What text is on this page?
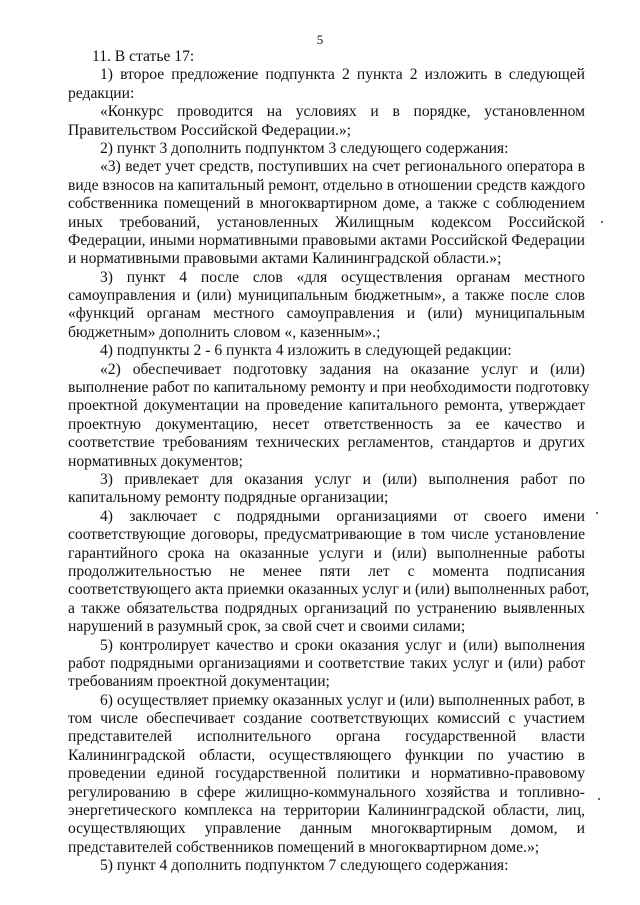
5
11. В статье 17:
1) второе предложение подпункта 2 пункта 2 изложить в следующей
редакции:
«Конкурс проводится на условиях и в порядке, установленном
Правительством Российской Федерации.»;
2) пункт 3 дополнить подпунктом 3 следующего содержания:
«3) ведет учет средств, поступивших на счет регионального оператора в
виде взносов на капитальный ремонт, отдельно в отношении средств каждого
собственника помещений в многоквартирном доме, а также с соблюдением
иных требований, установленных Жилищным кодексом Российской
Федерации, иными нормативными правовыми актами Российской Федерации
и нормативными правовыми актами Калининградской области.»;
3) пункт 4 после слов «для осуществления органам местного
самоуправления и (или) муниципальным бюджетным», а также после слов
«функций органам местного самоуправления и (или) муниципальным
бюджетным» дополнить словом «, казенным».;
4) подпункты 2 - 6 пункта 4 изложить в следующей редакции:
«2) обеспечивает подготовку задания на оказание услуг и (или)
выполнение работ по капитальному ремонту и при необходимости подготовку
проектной документации на проведение капитального ремонта, утверждает
проектную документацию, несет ответственность за ее качество и
соответствие требованиям технических регламентов, стандартов и других
нормативных документов;
3) привлекает для оказания услуг и (или) выполнения работ по
капитальному ремонту подрядные организации;
4) заключает с подрядными организациями от своего имени
соответствующие договоры, предусматривающие в том числе установление
гарантийного срока на оказанные услуги и (или) выполненные работы
продолжительностью не менее пяти лет с момента подписания
соответствующего акта приемки оказанных услуг и (или) выполненных работ,
а также обязательства подрядных организаций по устранению выявленных
нарушений в разумный срок, за свой счет и своими силами;
5) контролирует качество и сроки оказания услуг и (или) выполнения
работ подрядными организациями и соответствие таких услуг и (или) работ
требованиям проектной документации;
6) осуществляет приемку оказанных услуг и (или) выполненных работ, в
том числе обеспечивает создание соответствующих комиссий с участием
представителей исполнительного органа государственной власти
Калининградской области, осуществляющего функции по участию в
проведении единой государственной политики и нормативно-правовому
регулированию в сфере жилищно-коммунального хозяйства и топливно-
энергетического комплекса на территории Калининградской области, лиц,
осуществляющих управление данным многоквартирным домом, и
представителей собственников помещений в многоквартирном доме.»;
5) пункт 4 дополнить подпунктом 7 следующего содержания:
